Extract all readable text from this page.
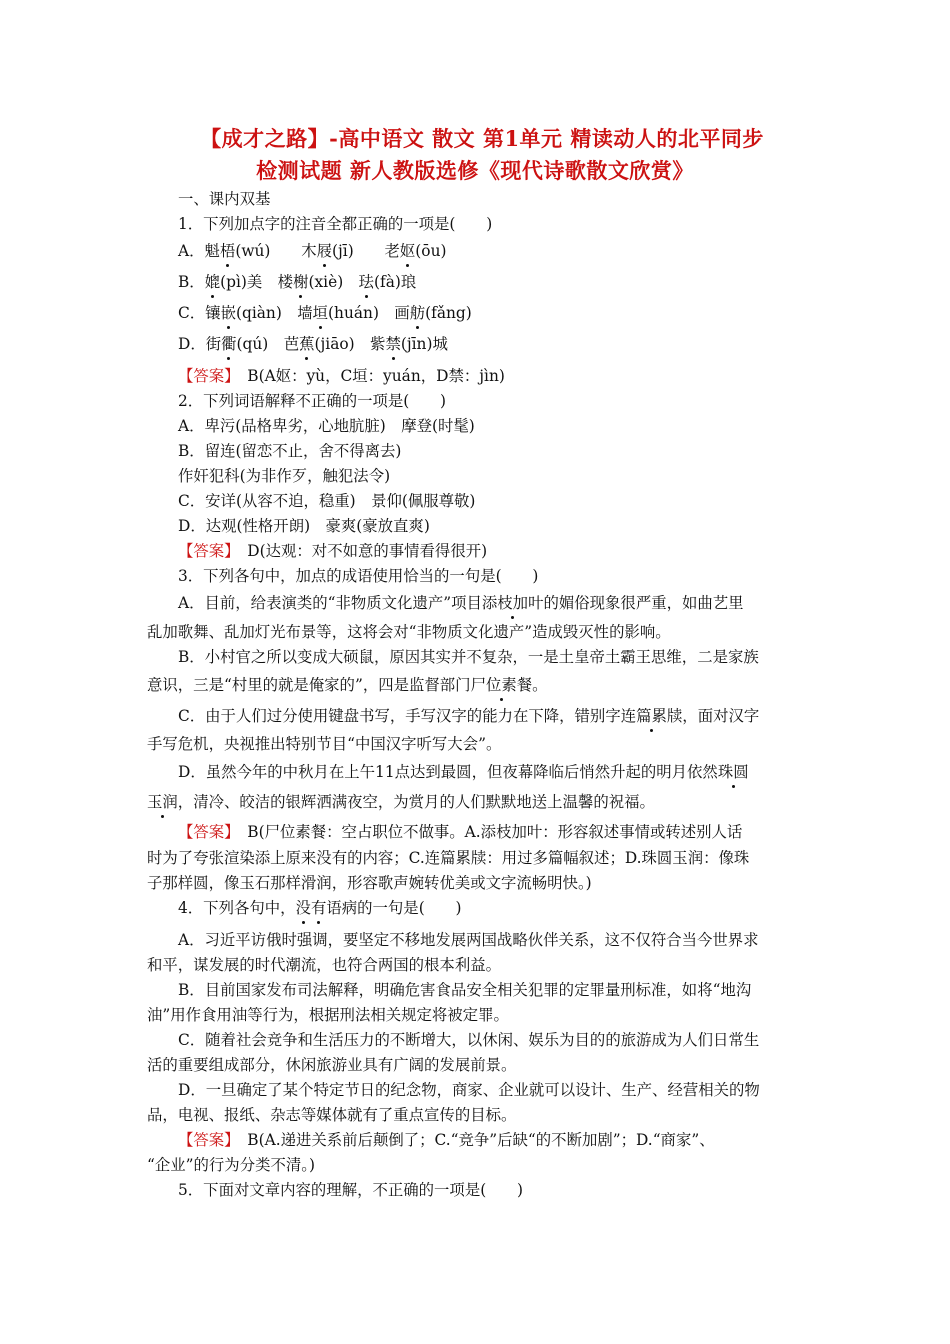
【成才之路】-高中语文 散文 第1单元 精读动人的北平同步
检测试题 新人教版选修《现代诗歌散文欣赏》
一、课内双基
1．下列加点字的注音全都正确的一项是(　　)
A．魁梧(wú)　　木屐(jī)　　老妪(ōu)
B．媲(pì)美　楼榭(xiè)　珐(fà)琅
C．镶嵌(qiàn)　墙垣(huán)　画舫(fǎng)
D．街衢(qú)　芭蕉(jiāo)　紫禁(jīn)城
【答案】　 B(A妪：yù，C垣：yuán，D禁：jìn)
2．下列词语解释不正确的一项是(　　)
A．卑污(品格卑劣，心地肮脏)　摩登(时髦)
B．留连(留恋不止，舍不得离去)
作奸犯科(为非作歹，触犯法令)
C．安详(从容不迫，稳重)　景仰(佩服尊敬)
D．达观(性格开朗)　豪爽(豪放直爽)
【答案】　 D(达观：对不如意的事情看得很开)
3．下列各句中，加点的成语使用恰当的一句是(　　)
A．目前，给表演类的“非物质文化遗产”项目添枝加叶的媚俗现象很严重，如曲艺里
乱加歌舞、乱加灯光布景等，这将会对“非物质文化遗产”造成毁灭性的影响。
B．小村官之所以变成大硕鼠，原因其实并不复杂，一是土皇帝土霸王思维，二是家族
意识，三是“村里的就是俺家的”，四是监督部门尸位素餐。
C．由于人们过分使用键盘书写，手写汉字的能力在下降，错别字连篇累牍，面对汉字
手写危机，央视推出特别节目“中国汉字听写大会”。
D．虽然今年的中秋月在上午11点达到最圆，但夜幕降临后悄然升起的明月依然珠圆
玉润，清冷、皎洁的银辉洒满夜空，为赏月的人们默默地送上温馨的祝福。
【答案】　 B(尸位素餐：空占职位不做事。A.添枝加叶：形容叙述事情或转述别人话
时为了夸张渲染添上原来没有的内容；C.连篇累牍：用过多篇幅叙述；D.珠圆玉润：像珠
子那样圆，像玉石那样滑润，形容歌声婉转优美或文字流畅明快。)
4．下列各句中，没有语病的一句是(　　)
A．习近平访俄时强调，要坚定不移地发展两国战略伙伴关系，这不仅符合当今世界求
和平，谋发展的时代潮流，也符合两国的根本利益。
B．目前国家发布司法解释，明确危害食品安全相关犯罪的定罪量刑标准，如将“地沟
油”用作食用油等行为，根据刑法相关规定将被定罪。
C．随着社会竞争和生活压力的不断增大，以休闲、娱乐为目的的旅游成为人们日常生
活的重要组成部分，休闲旅游业具有广阔的发展前景。
D．一旦确定了某个特定节日的纪念物，商家、企业就可以设计、生产、经营相关的物
品，电视、报纸、杂志等媒体就有了重点宣传的目标。
【答案】　 B(A.递进关系前后颠倒了；C.“竞争”后缺“的不断加剧”；D.“商家”、
“企业”的行为分类不清。)
5．下面对文章内容的理解，不正确的一项是(　　)
